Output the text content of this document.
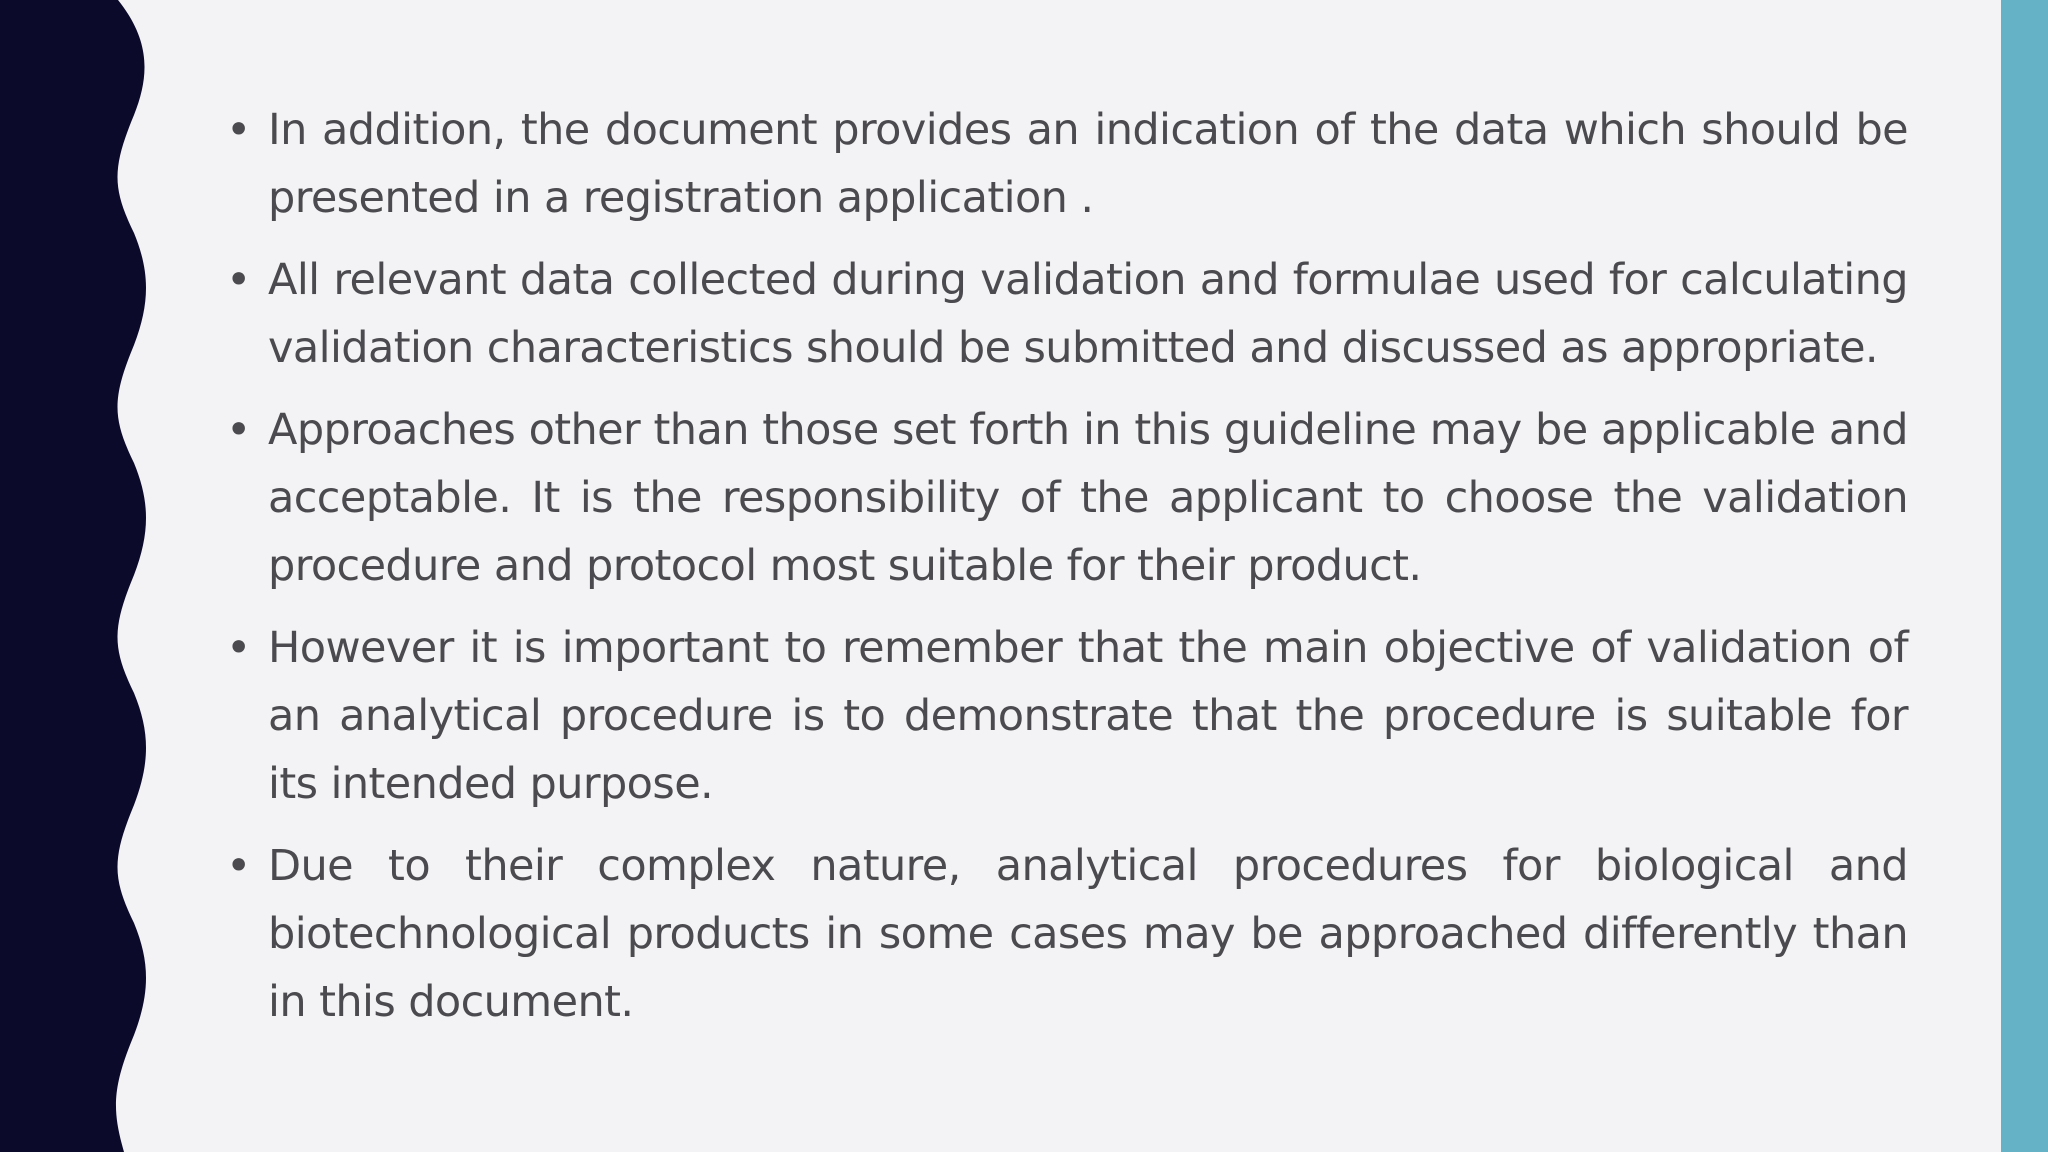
• In addition, the document provides an indication of the data which should be presented in a registration application .
• All relevant data collected during validation and formulae used for calculating validation characteristics should be submitted and discussed as appropriate.
• Approaches other than those set forth in this guideline may be applicable and acceptable. It is the responsibility of the applicant to choose the validation procedure and protocol most suitable for their product.
• However it is important to remember that the main objective of validation of an analytical procedure is to demonstrate that the procedure is suitable for its intended purpose.
• Due to their complex nature, analytical procedures for biological and biotechnological products in some cases may be approached differently than in this document.
